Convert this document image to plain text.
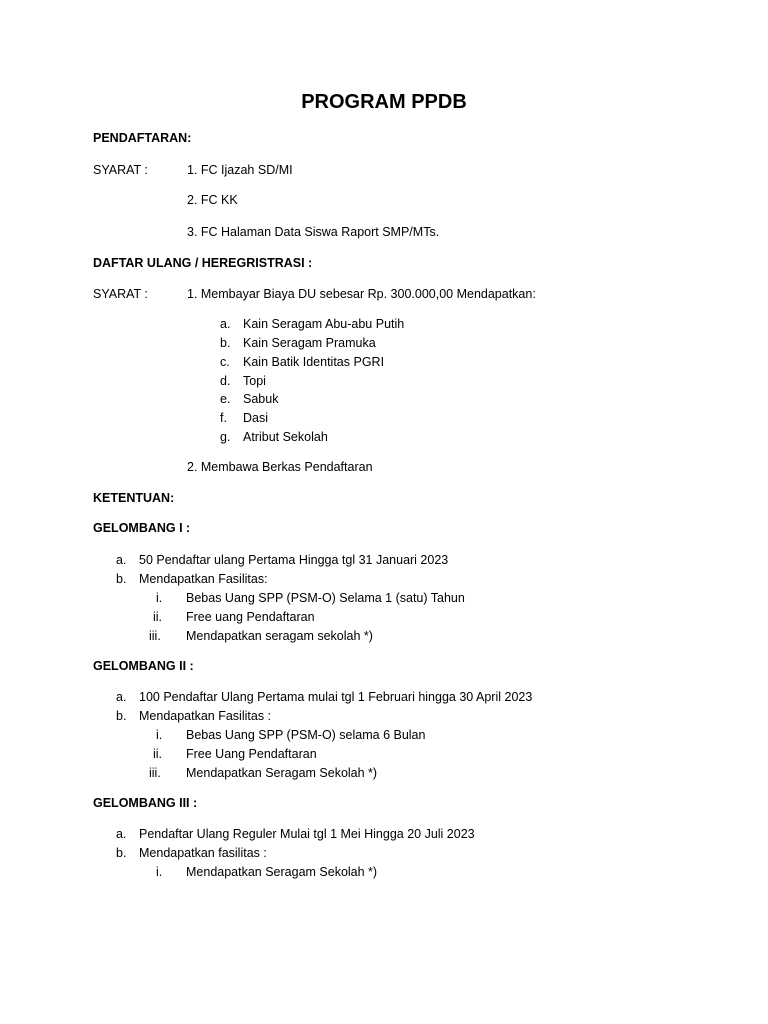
PROGRAM PPDB
PENDAFTARAN:
SYARAT :	1. FC Ijazah SD/MI
2. FC KK
3. FC Halaman Data Siswa Raport SMP/MTs.
DAFTAR ULANG / HEREGRISTRASI :
SYARAT :	1. Membayar Biaya DU sebesar Rp. 300.000,00 Mendapatkan:
a. Kain Seragam Abu-abu Putih
b. Kain Seragam Pramuka
c. Kain Batik Identitas PGRI
d. Topi
e. Sabuk
f. Dasi
g. Atribut Sekolah
2. Membawa Berkas Pendaftaran
KETENTUAN:
GELOMBANG I :
a. 50 Pendaftar ulang Pertama Hingga tgl 31 Januari 2023
b. Mendapatkan Fasilitas:
i. Bebas Uang SPP (PSM-O) Selama 1 (satu) Tahun
ii. Free uang Pendaftaran
iii. Mendapatkan seragam sekolah *)
GELOMBANG II :
a. 100 Pendaftar Ulang Pertama mulai tgl 1 Februari hingga 30 April 2023
b. Mendapatkan Fasilitas :
i. Bebas Uang SPP (PSM-O) selama 6 Bulan
ii. Free Uang Pendaftaran
iii. Mendapatkan Seragam Sekolah *)
GELOMBANG III :
a. Pendaftar Ulang Reguler Mulai tgl 1 Mei Hingga 20 Juli 2023
b. Mendapatkan fasilitas :
i. Mendapatkan Seragam Sekolah *)
